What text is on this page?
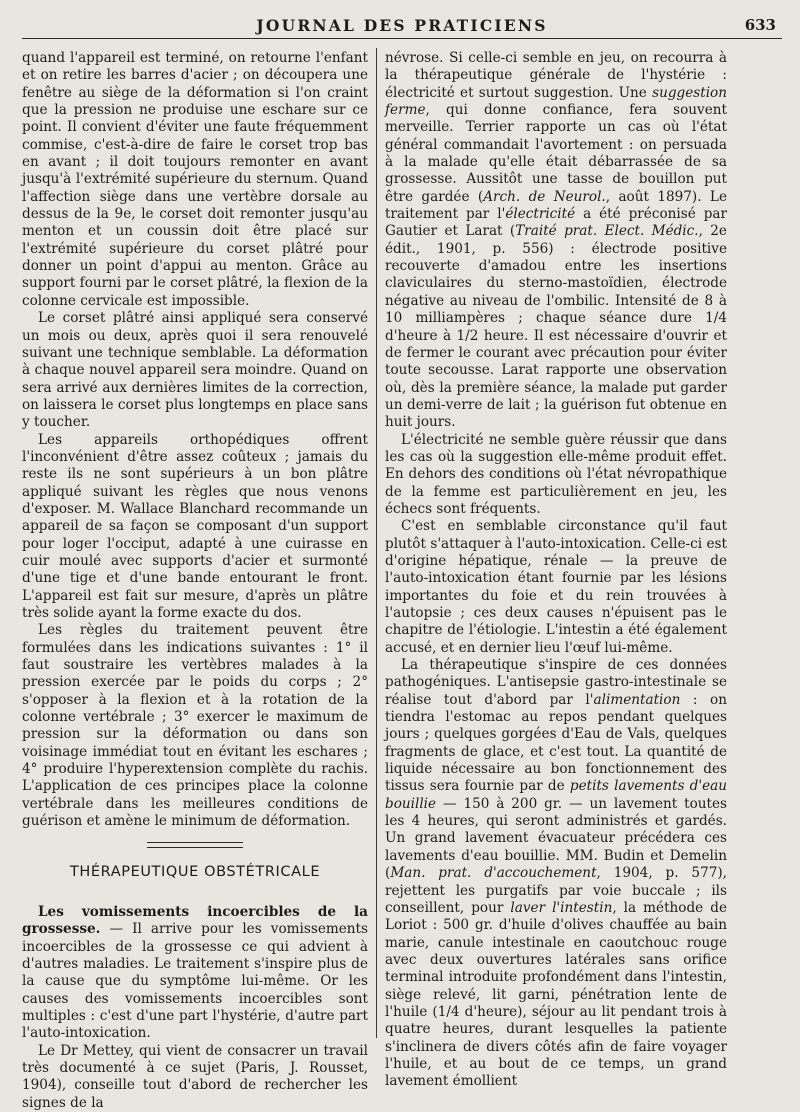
JOURNAL DES PRATICIENS	633

quand l'appareil est terminé, on retourne l'enfant et on retire les barres d'acier ; on découpera une fenêtre au siège de la déformation si l'on craint que la pression ne produise une eschare sur ce point. Il convient d'éviter une faute fréquemment commise, c'est-à-dire de faire le corset trop bas en avant ; il doit toujours remonter en avant jusqu'à l'extrémité supérieure du sternum. Quand l'affection siège dans une vertèbre dorsale au dessus de la 9e, le corset doit remonter jusqu'au menton et un coussin doit être placé sur l'extrémité supérieure du corset plâtré pour donner un point d'appui au menton. Grâce au support fourni par le corset plâtré, la flexion de la colonne cervicale est impossible.

Le corset plâtré ainsi appliqué sera conservé un mois ou deux, après quoi il sera renouvelé suivant une technique semblable. La déformation à chaque nouvel appareil sera moindre. Quand on sera arrivé aux dernières limites de la correction, on laissera le corset plus longtemps en place sans y toucher.

Les appareils orthopédiques offrent l'inconvénient d'être assez coûteux ; jamais du reste ils ne sont supérieurs à un bon plâtre appliqué suivant les règles que nous venons d'exposer. M. Wallace Blanchard recommande un appareil de sa façon se composant d'un support pour loger l'occiput, adapté à une cuirasse en cuir moulé avec supports d'acier et surmonté d'une tige et d'une bande entourant le front. L'appareil est fait sur mesure, d'après un plâtre très solide ayant la forme exacte du dos.

Les règles du traitement peuvent être formulées dans les indications suivantes : 1° il faut soustraire les vertèbres malades à la pression exercée par le poids du corps ; 2° s'opposer à la flexion et à la rotation de la colonne vertébrale ; 3° exercer le maximum de pression sur la déformation ou dans son voisinage immédiat tout en évitant les eschares ; 4° produire l'hyperextension complète du rachis. L'application de ces principes place la colonne vertébrale dans les meilleures conditions de guérison et amène le minimum de déformation.

THÉRAPEUTIQUE OBSTÉTRICALE

Les vomissements incoercibles de la grossesse. — Il arrive pour les vomissements incoercibles de la grossesse ce qui advient à d'autres maladies. Le traitement s'inspire plus de la cause que du symptôme lui-même. Or les causes des vomissements incoercibles sont multiples : c'est d'une part l'hystérie, d'autre part l'auto-intoxication.

Le Dr Mettey, qui vient de consacrer un travail très documenté à ce sujet (Paris, J. Rousset, 1904), conseille tout d'abord de rechercher les signes de la

névrose. Si celle-ci semble en jeu, on recourra à la thérapeutique générale de l'hystérie : électricité et surtout suggestion. Une suggestion ferme, qui donne confiance, fera souvent merveille. Terrier rapporte un cas où l'état général commandait l'avortement : on persuada à la malade qu'elle était débarrassée de sa grossesse. Aussitôt une tasse de bouillon put être gardée (Arch. de Neurol., août 1897). Le traitement par l'électricité a été préconisé par Gautier et Larat (Traité prat. Elect. Médic., 2e édit., 1901, p. 556) : électrode positive recouverte d'amadou entre les insertions claviculaires du sterno-mastoïdien, électrode négative au niveau de l'ombilic. Intensité de 8 à 10 milliampères ; chaque séance dure 1/4 d'heure à 1/2 heure. Il est nécessaire d'ouvrir et de fermer le courant avec précaution pour éviter toute secousse. Larat rapporte une observation où, dès la première séance, la malade put garder un demi-verre de lait ; la guérison fut obtenue en huit jours.

L'électricité ne semble guère réussir que dans les cas où la suggestion elle-même produit effet. En dehors des conditions où l'état névropathique de la femme est particulièrement en jeu, les échecs sont fréquents.

C'est en semblable circonstance qu'il faut plutôt s'attaquer à l'auto-intoxication. Celle-ci est d'origine hépatique, rénale — la preuve de l'auto-intoxication étant fournie par les lésions importantes du foie et du rein trouvées à l'autopsie ; ces deux causes n'épuisent pas le chapitre de l'étiologie. L'intestin a été également accusé, et en dernier lieu l'œuf lui-même.

La thérapeutique s'inspire de ces données pathogéniques. L'antisepsie gastro-intestinale se réalise tout d'abord par l'alimentation : on tiendra l'estomac au repos pendant quelques jours ; quelques gorgées d'Eau de Vals, quelques fragments de glace, et c'est tout. La quantité de liquide nécessaire au bon fonctionnement des tissus sera fournie par de petits lavements d'eau bouillie — 150 à 200 gr. — un lavement toutes les 4 heures, qui seront administrés et gardés. Un grand lavement évacuateur précédera ces lavements d'eau bouillie. MM. Budin et Demelin (Man. prat. d'accouchement, 1904, p. 577), rejettent les purgatifs par voie buccale ; ils conseillent, pour laver l'intestin, la méthode de Loriot : 500 gr. d'huile d'olives chauffée au bain marie, canule intestinale en caoutchouc rouge avec deux ouvertures latérales sans orifice terminal introduite profondément dans l'intestin, siège relevé, lit garni, pénétration lente de l'huile (1/4 d'heure), séjour au lit pendant trois à quatre heures, durant lesquelles la patiente s'inclinera de divers côtés afin de faire voyager l'huile, et au bout de ce temps, un grand lavement émollient
